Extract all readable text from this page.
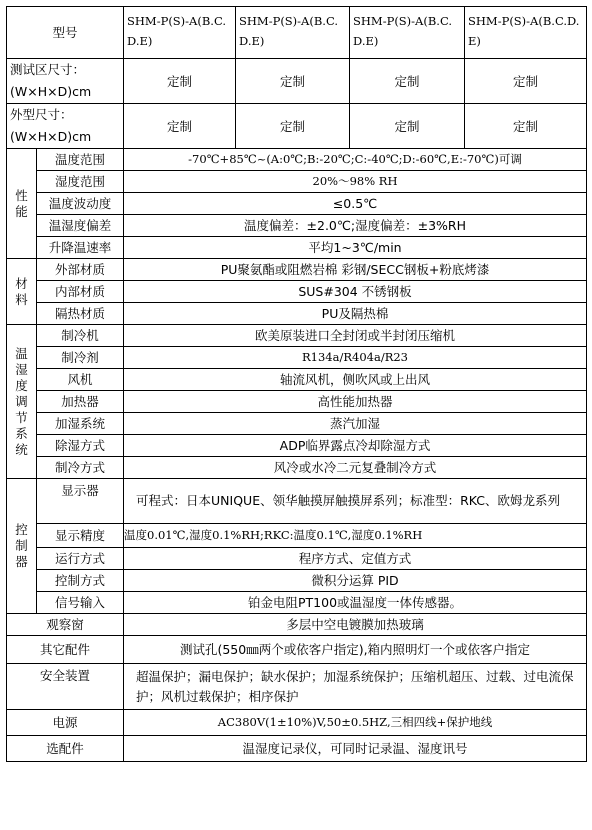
型号		SHM-P(S)-A(B.C.D.E)	SHM-P(S)-A(B.C.D.E)	SHM-P(S)-A(B.C.D.E)	SHM-P(S)-A(B.C.D.E)
测试区尺寸：(W×H×D)cm		定制	定制	定制	定制
外型尺寸：(W×H×D)cm		定制	定制	定制	定制
性能	温度范围	-70℃+85℃~(A:0℃;B:-20℃;C:-40℃;D:-60℃,E:-70℃)可调			
	湿度范围	20%～98% RH			
	温度波动度	≤0.5℃			
	温湿度偏差	温度偏差：±2.0℃;湿度偏差：±3%RH			
	升降温速率	平均1~3℃/min			
材料	外部材质	PU聚氨酯或阻燃岩棉 彩钢/SECC钢板+粉底烤漆			
	内部材质	SUS#304 不锈钢板			
	隔热材质	PU及隔热棉			
温湿度调节系统	制冷机	欧美原装进口全封闭或半封闭压缩机			
	制冷剂	R134a/R404a/R23			
	风机	轴流风机，侧吹风或上出风			
	加热器	高性能加热器			
	加湿系统	蒸汽加湿			
	除湿方式	ADP临界露点冷却除湿方式			
	制冷方式	风冷或水冷二元复叠制冷方式			
控制器	显示器	可程式：日本UNIQUE、领华触摸屏触摸屏系列；标准型：RKC、欧姆龙系列			
	显示精度	温度0.01℃,湿度0.1%RH;RKC:温度0.1℃,湿度0.1%RH			
	运行方式	程序方式、定值方式			
	控制方式	微积分运算 PID			
	信号输入	铂金电阻PT100或温湿度一体传感器。			
观察窗		多层中空电镀膜加热玻璃			
其它配件		测试孔(550㎜两个或依客户指定),箱内照明灯一个或依客户指定			
安全装置		超温保护；漏电保护；缺水保护；加湿系统保护；压缩机超压、过载、过电流保护；风机过载保护；相序保护			
电源		AC380V(1±10%)V,50±0.5HZ,三相四线+保护地线			
选配件		温湿度记录仪，可同时记录温、湿度讯号			
